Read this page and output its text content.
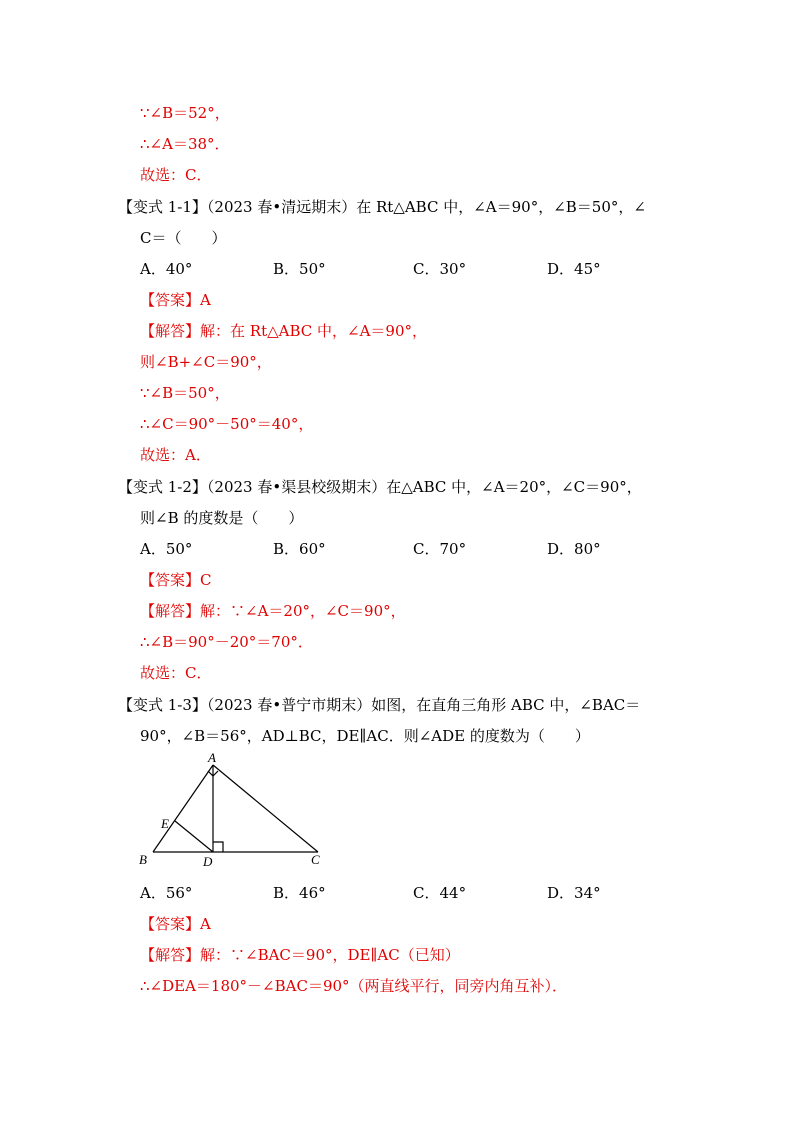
∵∠B＝52°，
∴∠A＝38°．
故选：C．
【变式 1-1】（2023 春•清远期末）在 Rt△ABC 中，∠A＝90°，∠B＝50°，∠
C＝（　　）
A．40°	B．50°	C．30°	D．45°
【答案】A
【解答】解：在 Rt△ABC 中，∠A＝90°，
则∠B+∠C＝90°，
∵∠B＝50°，
∴∠C＝90°－50°＝40°，
故选：A．
【变式 1-2】（2023 春•渠县校级期末）在△ABC 中，∠A＝20°，∠C＝90°，
则∠B 的度数是（　　）
A．50°	B．60°	C．70°	D．80°
【答案】C
【解答】解：∵∠A＝20°，∠C＝90°，
∴∠B＝90°－20°＝70°．
故选：C．
【变式 1-3】（2023 春•普宁市期末）如图，在直角三角形 ABC 中，∠BAC＝
90°，∠B＝56°，AD⊥BC，DE∥AC．则∠ADE 的度数为（　　）
A
B	C
D
E
A．56°	B．46°	C．44°	D．34°
【答案】A
【解答】解：∵∠BAC＝90°，DE∥AC（已知）
∴∠DEA＝180°－∠BAC＝90°（两直线平行，同旁内角互补）．
